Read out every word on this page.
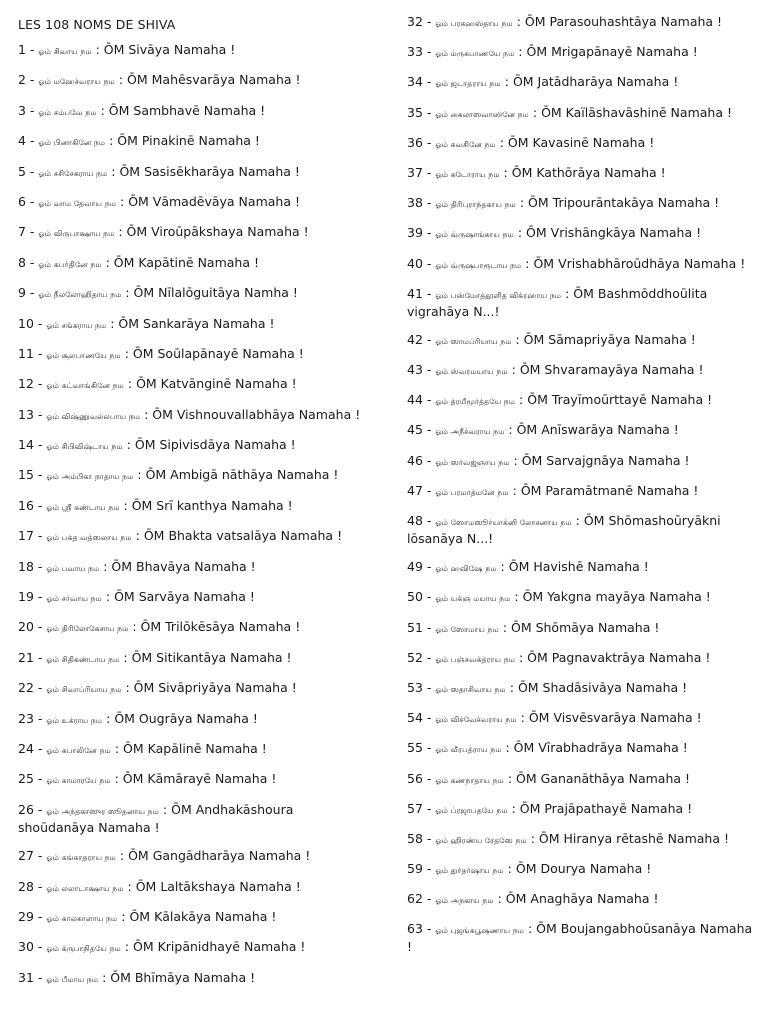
LES 108 NOMS DE SHIVA
1 - ஓம் சிவாய நம : ŌM Sivāya Namaha !
2 - ஓம் மஹேச்வராய நம : ŌM Mahēsvarāya Namaha !
3 - ஓம் சம்பவே நம : ŌM Sambhavē Namaha !
4 - ஓம் பினாகினே நம : ŌM Pinakinē Namaha !
5 - ஓம் சசிசேகராய நம : ŌM Sasisēkharāya Namaha !
6 - ஓம் வாம தேவாய நம : ŌM Vāmadēvāya Namaha !
7 - ஓம் விருபாக்ஷாய நம : ŌM Viroūpākshaya Namaha !
8 - ஓம் கபர்தினே நம : ŌM Kapātinē Namaha !
9 - ஓம் நீலலோஹிதாய நம : ŌM Nīlalōguitāya Namha !
10 - ஓம் சங்கராய நம : ŌM Sankarāya Namaha !
11 - ஓம் சூலபாணயே நம : ŌM Soūlapānayē Namaha !
12 - ஓம் கட்வாங்கினே நம : ŌM Katvānginē Namaha !
13 - ஓம் விஷ்ணுவல்லபாய நம : ŌM Vishnouvallabhāya Namaha !
14 - ஓம் சிபிவிஷ்டாய நம : ŌM Sipivisdāya Namaha !
15 - ஓம் அம்பிகா நாதாய நம : ŌM Ambigā nāthāya Namaha !
16 - ஓம் ஸ்ரீ கண்டாய நம : ŌM Srī kanthya Namaha !
17 - ஓம் பக்த வத்ஸலாய நம : ŌM Bhakta vatsalāya Namaha !
18 - ஓம் பவாய நம : ŌM Bhavāya Namaha !
19 - ஓம் சர்வாய நம : ŌM Sarvāya Namaha !
20 - ஓம் திரிலோகேசாய நம : ŌM Trilōkēsāya Namaha !
21 - ஓம் சிதிகண்டாய நம : ŌM Sitikantāya Namaha !
22 - ஓம் சிவாப்ரியாய நம : ŌM Sivāpriyāya Namaha !
23 - ஓம் உக்ராய நம : ŌM Ougrāya Namaha !
24 - ஓம் கபாலினே நம : ŌM Kapālinē Namaha !
25 - ஓம் காமாரயே நம : ŌM Kāmārayē Namaha !
26 - ஓம் அந்தகாஸுர ஸூதனாய நம : ŌM Andhakāshoura shoūdanāya Namaha !
27 - ஓம் கங்காதராய நம : ŌM Gangādharāya Namaha !
28 - ஓம் லலாடாக்ஷாய நம : ŌM Laltākshaya Namaha !
29 - ஓம் காலகாளாய நம : ŌM Kālakāya Namaha !
30 - ஓம் க்ருபாநிதயே நம : ŌM Kripānidhayē Namaha !
31 - ஓம் பீமாய நம : ŌM Bhīmāya Namaha !
32 - ஓம் பரசுஹஸ்தாய நம : ŌM Parasouhashtāya Namaha !
33 - ஓம் ம்ருகபாணயே நம : ŌM Mrigapānayē Namaha !
34 - ஓம் ஜடாதராய நம : ŌM Jatādharāya Namaha !
35 - ஓம் கைலாஸவாஸினே நம : ŌM Kaïlāshavāshinē Namaha !
36 - ஓம் கவசினே நம : ŌM Kavasinē Namaha !
37 - ஓம் கடோராய நம : ŌM Kathōrāya Namaha !
38 - ஓம் திரிபுராந்தகாய நம : ŌM Tripourāntakāya Namaha !
39 - ஓம் வ்ருஷாங்காய நம : ŌM Vrishāngkāya Namaha !
40 - ஓம் வ்ருஷபாரூடாய நம : ŌM Vrishabhāroūdhāya Namaha !
41 - ஓம் பஸ்மோத்தூளித விக்ரஹாய நம : ŌM Bashmōddhoūlita vigrahāya N...!
42 - ஓம் ஸாமப்ரியாய நம : ŌM Sāmapriyāya Namaha !
43 - ஓம் ஸ்வரமயாய நம : ŌM Shvaramayāya Namaha !
44 - ஓம் த்ரயீமூர்த்தயே நம : ŌM Trayīmoūrttayē Namaha !
45 - ஓம் அநீச்வராய நம : ŌM Anīswarāya Namaha !
46 - ஓம் ஸர்வஜ்ஞாய நம : ŌM Sarvajgnāya Namaha !
47 - ஓம் பரமாத்மனே நம : ŌM Paramātmanē Namaha !
48 - ஓம் ஸோமஸூர்யாக்னி லோசனாய நம : ŌM Shōmashoūryākni lōsanāya N...!
49 - ஓம் ஹவிஷே நம : ŌM Havishē Namaha !
50 - ஓம் யக்ஞ மயாய நம : ŌM Yakgna mayāya Namaha !
51 - ஓம் ஸோமாய நம : ŌM Shōmāya Namaha !
52 - ஓம் பஞ்சவக்த்ராய நம : ŌM Pagnavaktrāya Namaha !
53 - ஓம் ஸதாசிவாய நம : ŌM Shadāsivāya Namaha !
54 - ஓம் விச்வேச்வராய நம : ŌM Visvēsvarāya Namaha !
55 - ஓம் வீரபத்ராய நம : ŌM Vīrabhadrāya Namaha !
56 - ஓம் கணநாதாய நம : ŌM Gananāthāya Namaha !
57 - ஓம் ப்ரஜாபதயே நம : ŌM Prajāpathayē Namaha !
58 - ஓம் ஹிரண்ய ரேதஸே நம : ŌM Hiranya rētashē Namaha !
59 - ஓம் துர்தர்ஷாய நம : ŌM Dourya Namaha !
62 - ஓம் அநகாய நம : ŌM Anaghāya Namaha !
63 - ஓம் புஜங்கபூஷணாய நம : ŌM Boujangabhoūsanāya Namaha !
